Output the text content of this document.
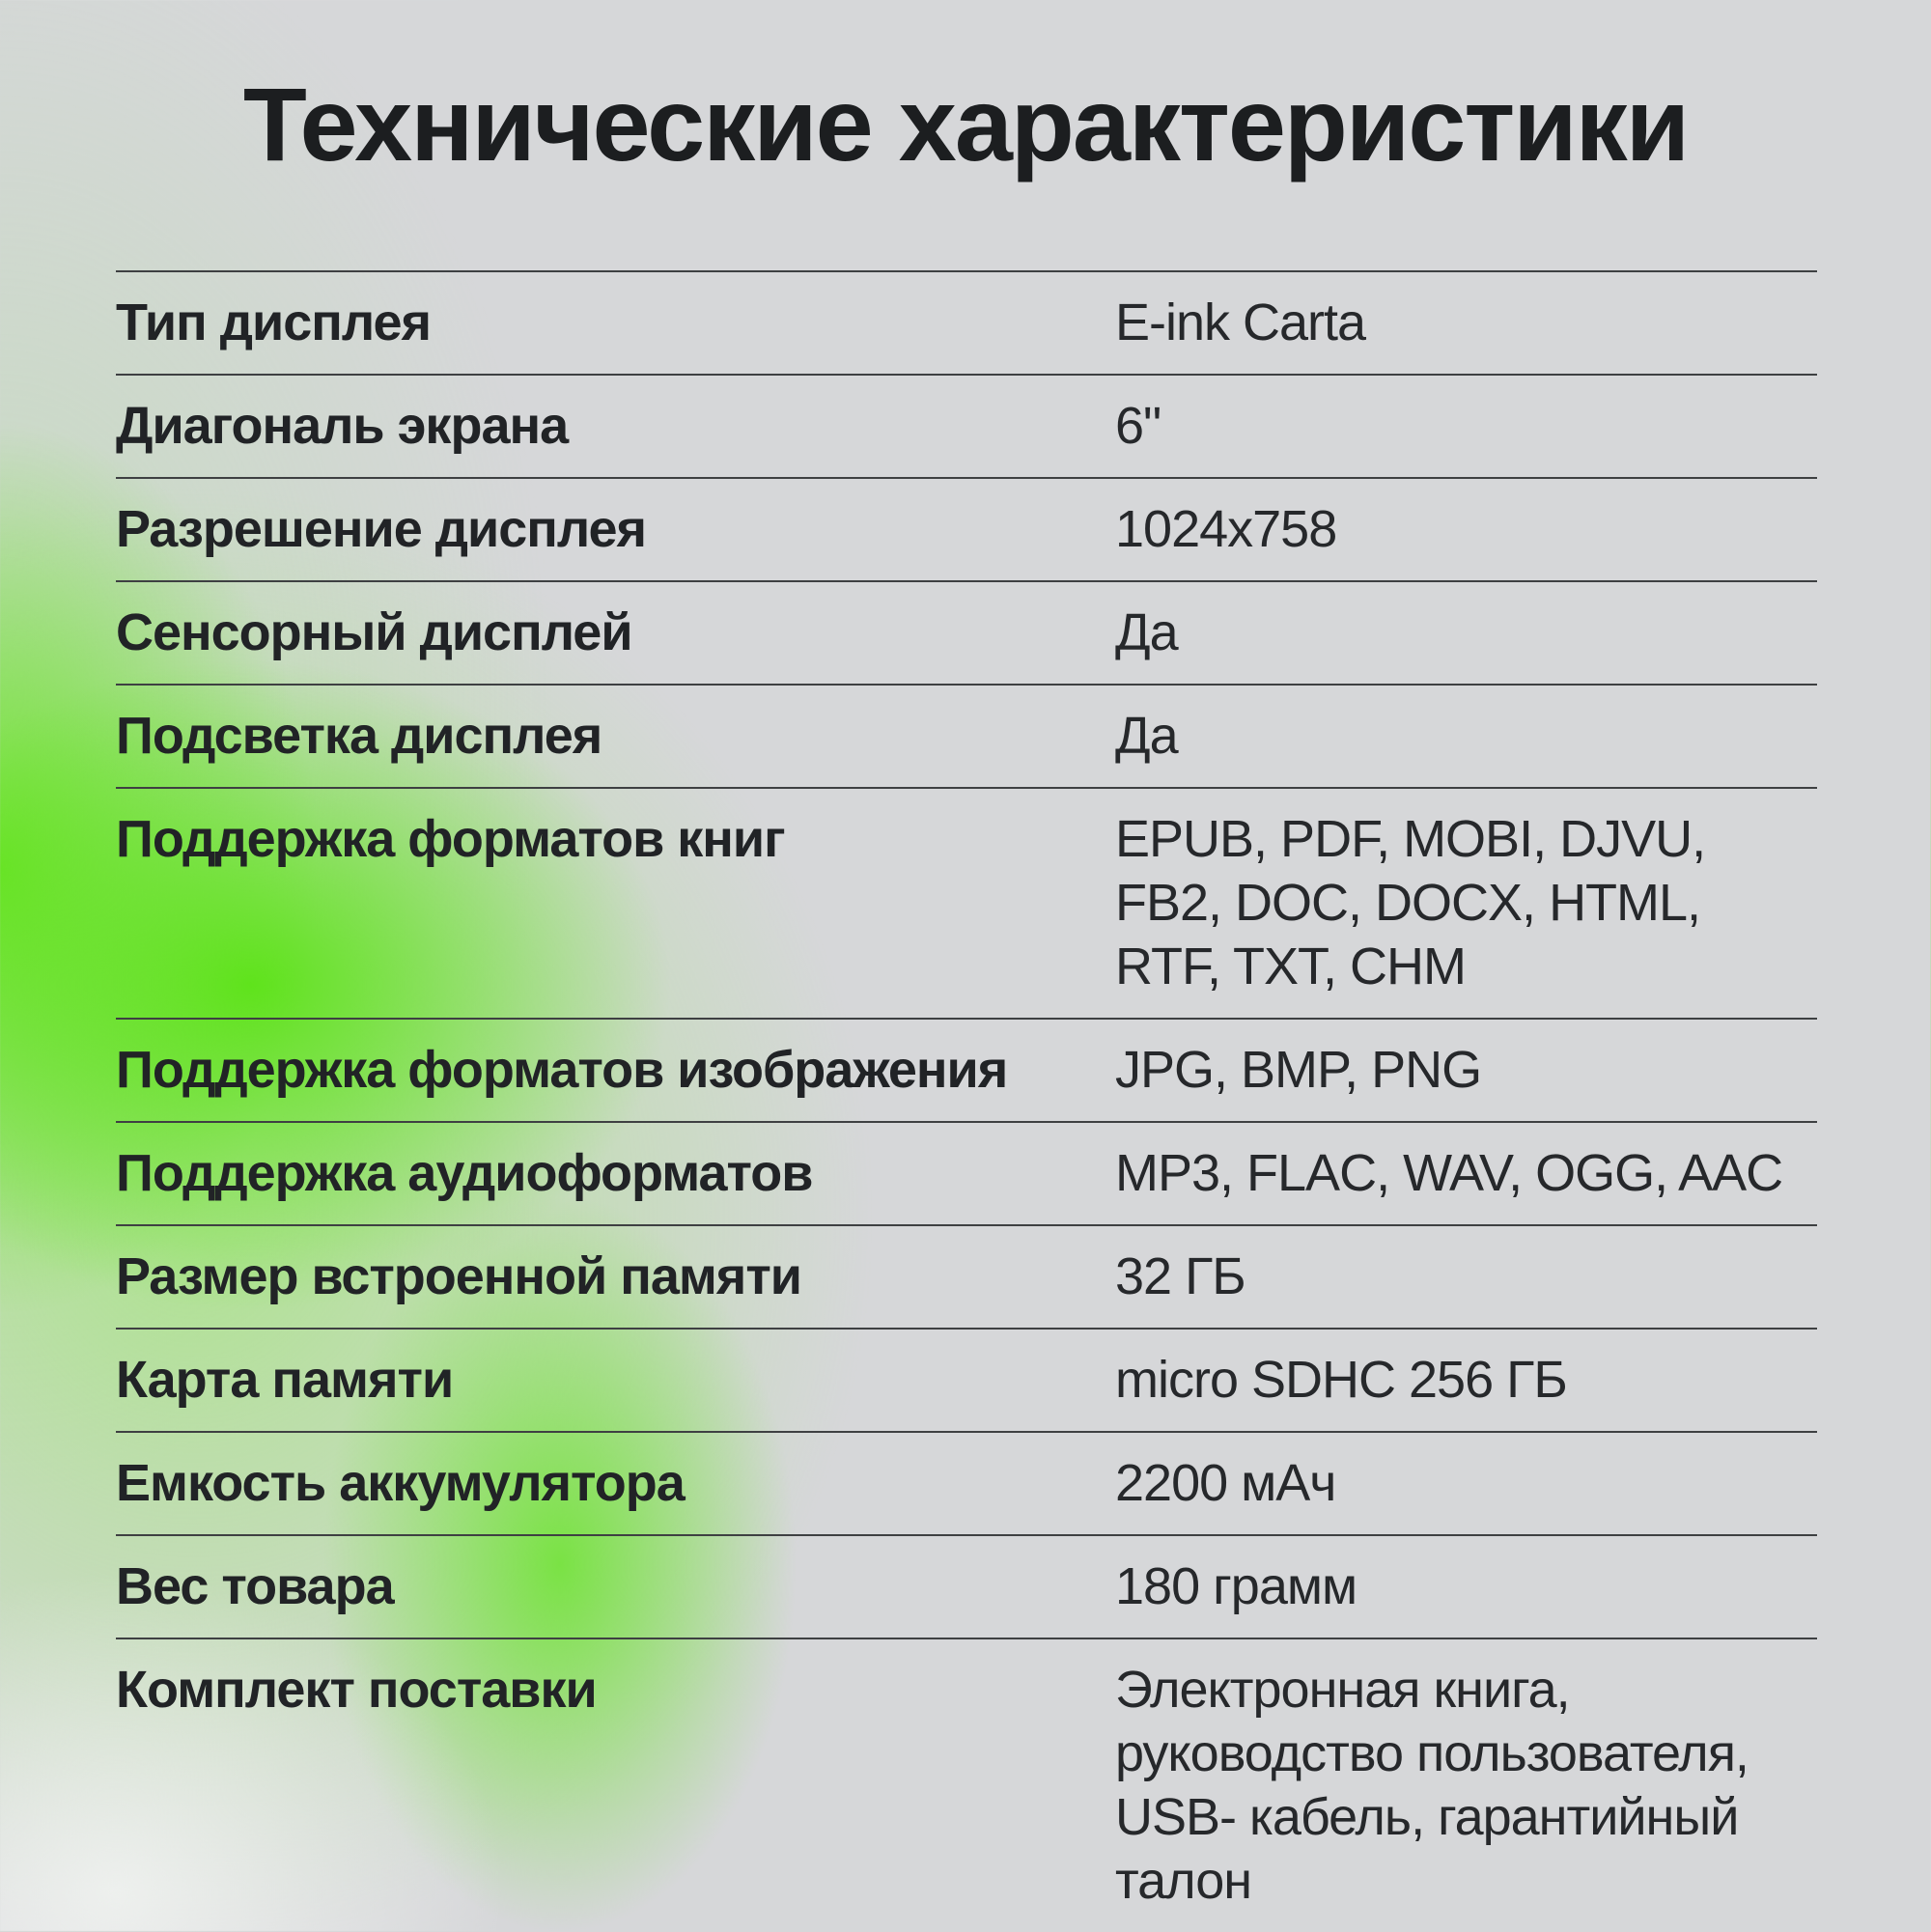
Технические характеристики
Тип дисплея	E-ink Carta
Диагональ экрана	6"
Разрешение дисплея	1024x758
Сенсорный дисплей	Да
Подсветка дисплея	Да
Поддержка форматов книг	EPUB, PDF, MOBI, DJVU, FB2, DOC, DOCX, HTML, RTF, TXT, CHM
Поддержка форматов изображения	JPG, BMP, PNG
Поддержка аудиоформатов	MP3, FLAC, WAV, OGG, AAC
Размер встроенной памяти	32 ГБ
Карта памяти	micro SDHC 256 ГБ
Емкость аккумулятора	2200 мАч
Вес товара	180 грамм
Комплект поставки	Электронная книга, руководство пользователя, USB- кабель, гарантийный талон
